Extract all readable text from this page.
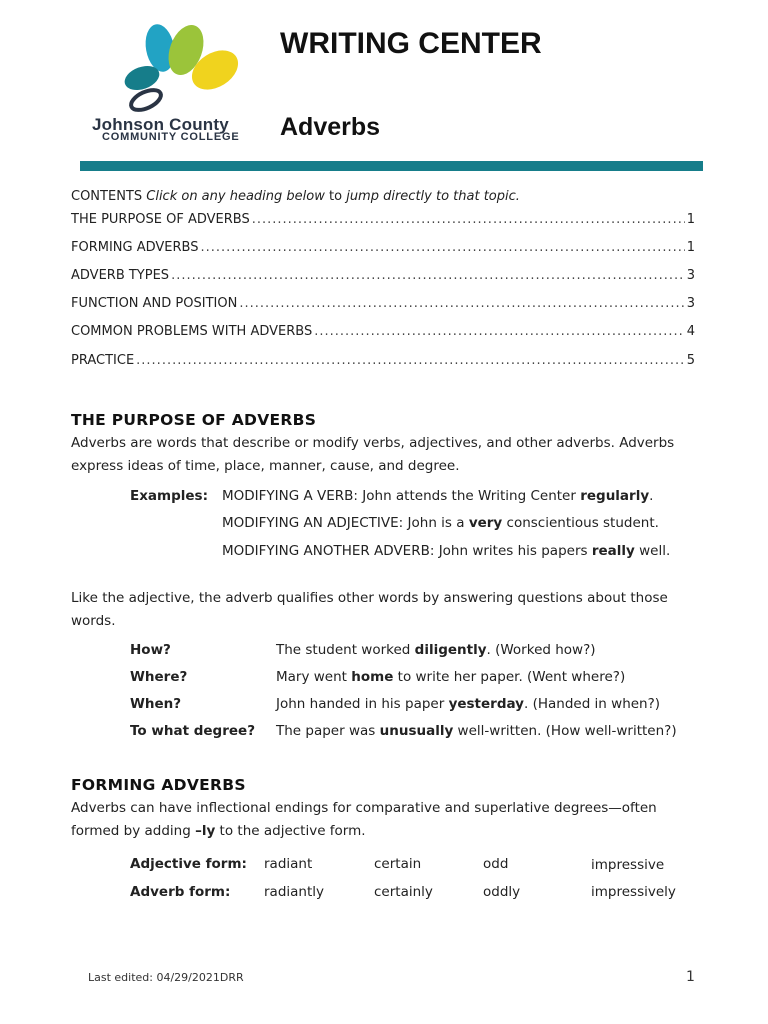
Johnson County
COMMUNITY COLLEGE
WRITING CENTER
Adverbs
CONTENTS Click on any heading below to jump directly to that topic.
THE PURPOSE OF ADVERBS .....	1
FORMING ADVERBS .....	1
ADVERB TYPES .....	3
FUNCTION AND POSITION .....	3
COMMON PROBLEMS WITH ADVERBS .....	4
PRACTICE .....	5
THE PURPOSE OF ADVERBS
Adverbs are words that describe or modify verbs, adjectives, and other adverbs. Adverbs express ideas of time, place, manner, cause, and degree.
Examples: MODIFYING A VERB: John attends the Writing Center regularly.
MODIFYING AN ADJECTIVE: John is a very conscientious student.
MODIFYING ANOTHER ADVERB: John writes his papers really well.
Like the adjective, the adverb qualifies other words by answering questions about those words.
How?	The student worked diligently. (Worked how?)
Where?	Mary went home to write her paper. (Went where?)
When?	John handed in his paper yesterday. (Handed in when?)
To what degree? The paper was unusually well-written. (How well-written?)
FORMING ADVERBS
Adverbs can have inflectional endings for comparative and superlative degrees—often formed by adding –ly to the adjective form.
Adjective form: radiant	certain	odd	impressive
Adverb form: radiantly	certainly	oddly	impressively
Last edited: 04/29/2021DRR	1
